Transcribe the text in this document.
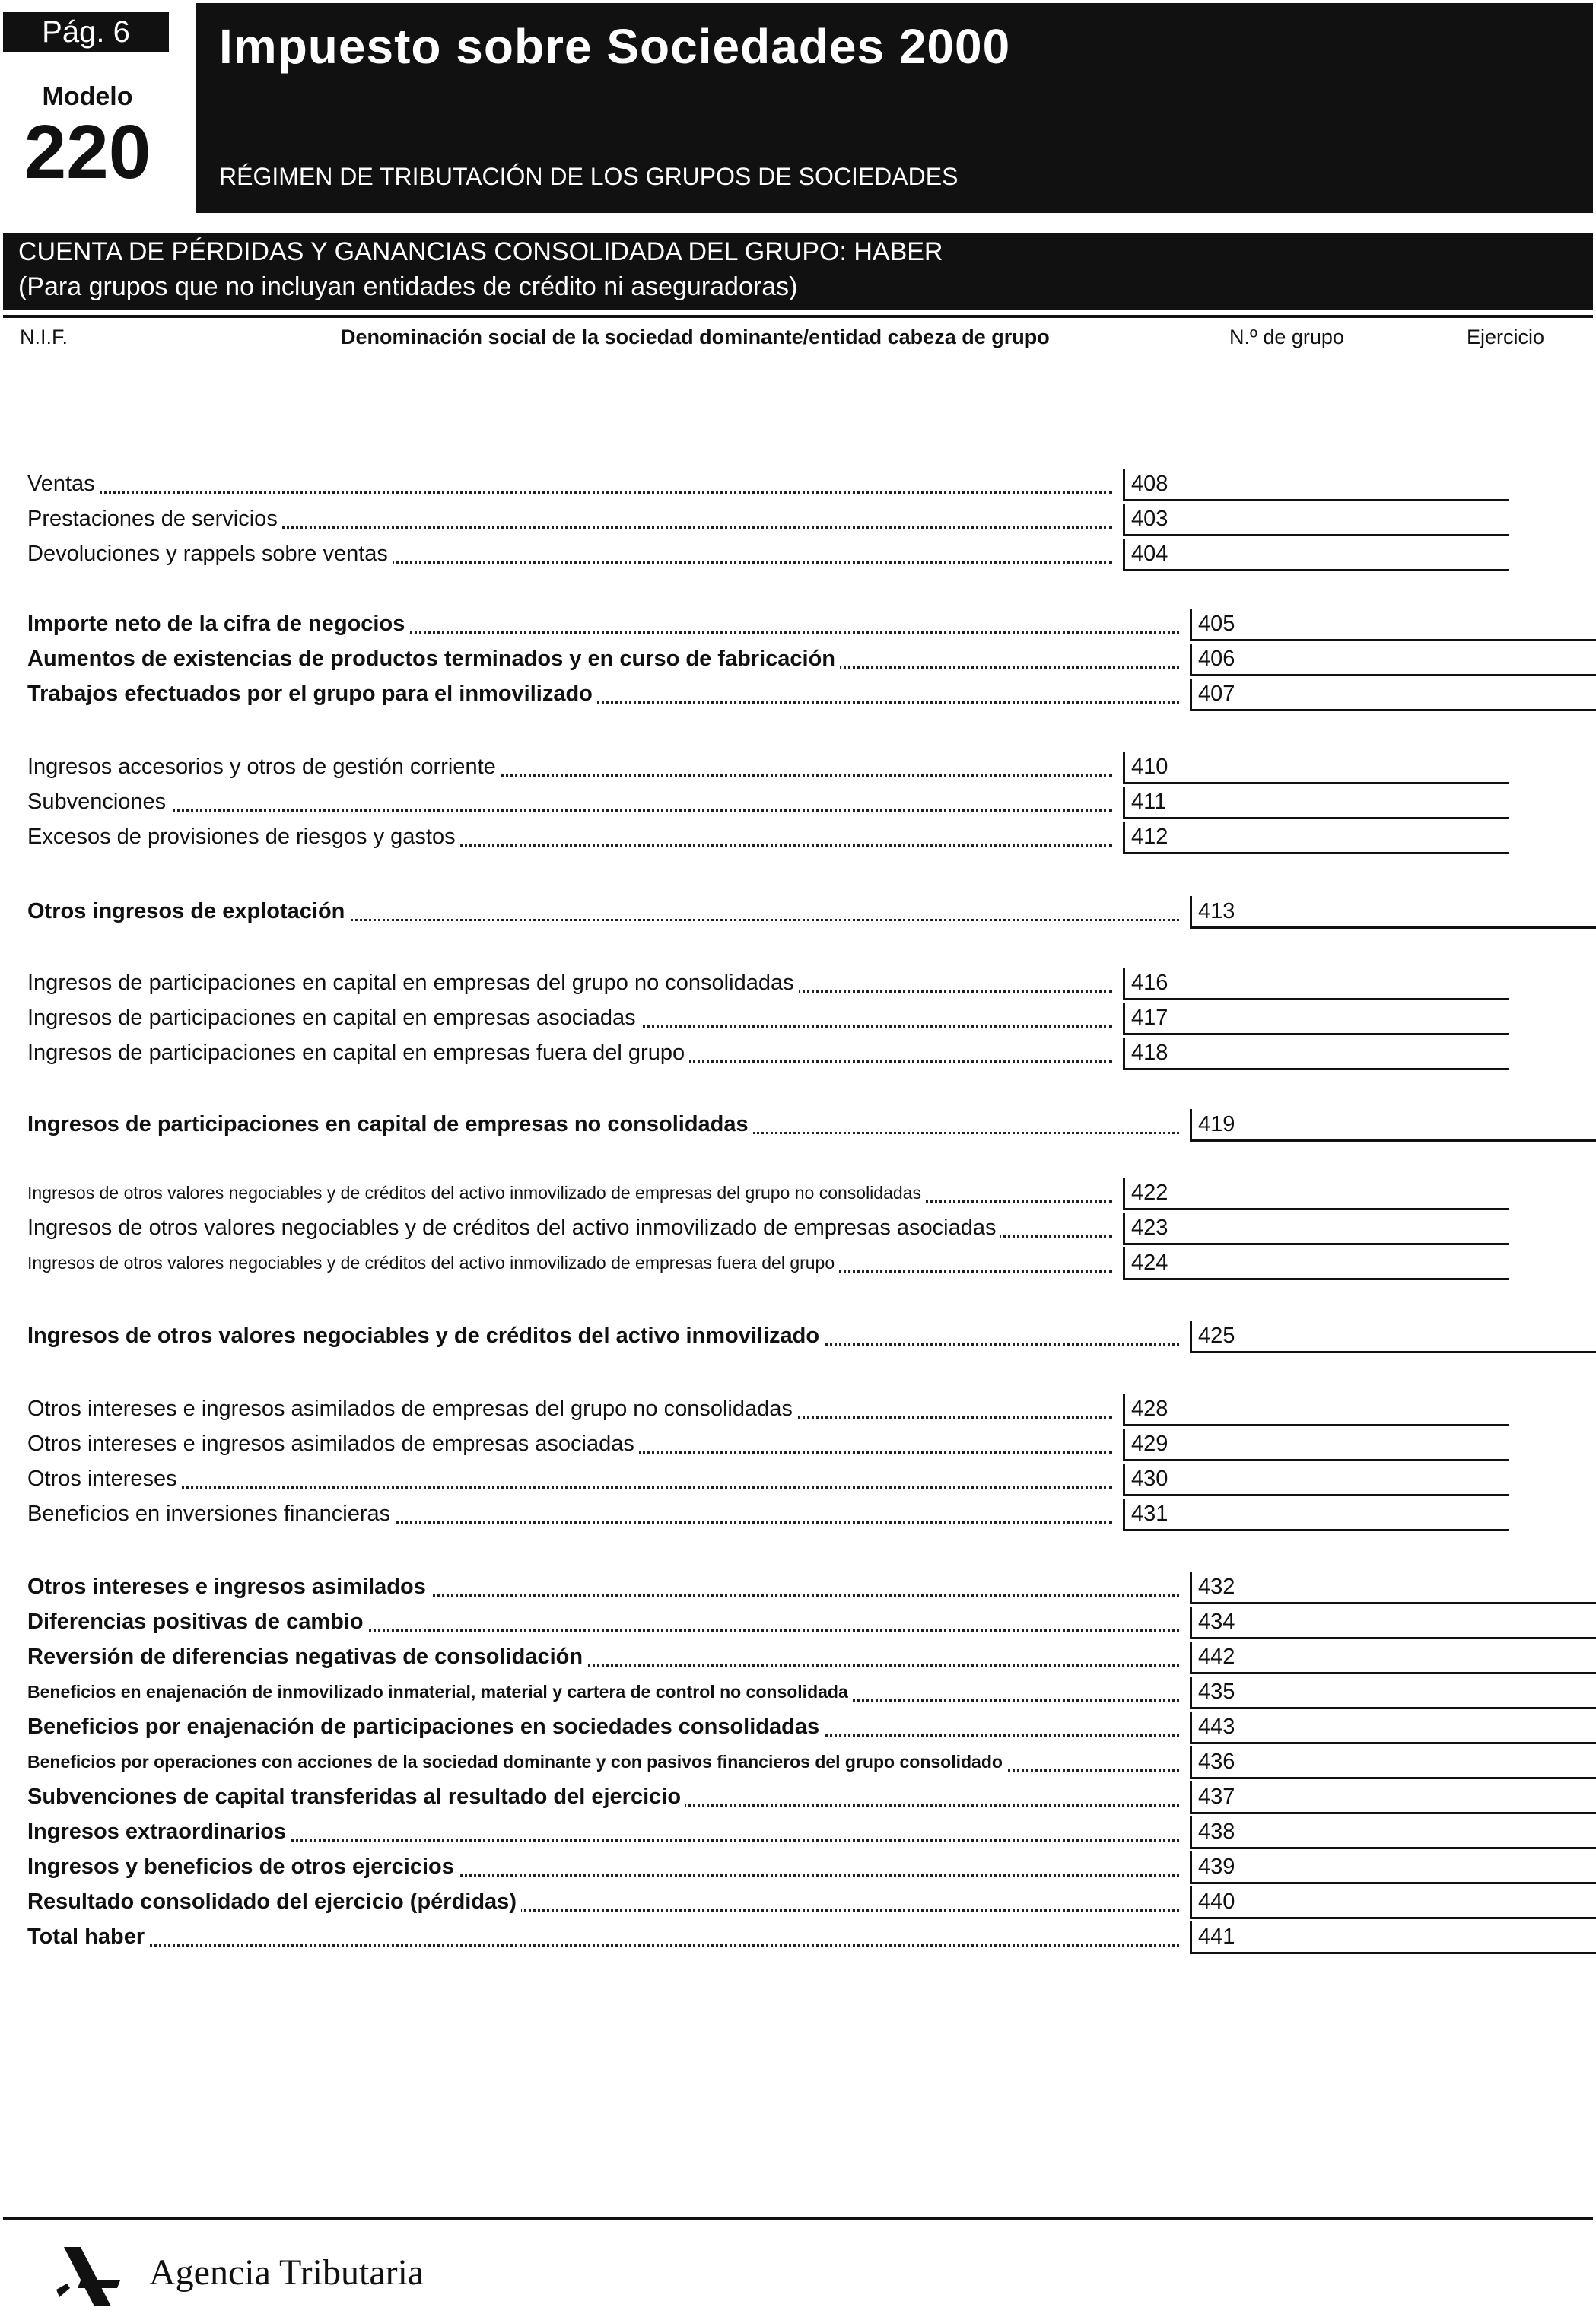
Pág. 6
Modelo
220
Impuesto sobre Sociedades 2000
RÉGIMEN DE TRIBUTACIÓN DE LOS GRUPOS DE SOCIEDADES
CUENTA DE PÉRDIDAS Y GANANCIAS CONSOLIDADA DEL GRUPO: HABER
(Para grupos que no incluyan entidades de crédito ni aseguradoras)
N.I.F.	Denominación social de la sociedad dominante/entidad cabeza de grupo	N.º de grupo	Ejercicio
Ventas	408
Prestaciones de servicios	403
Devoluciones y rappels sobre ventas	404
Importe neto de la cifra de negocios	405
Aumentos de existencias de productos terminados y en curso de fabricación	406
Trabajos efectuados por el grupo para el inmovilizado	407
Ingresos accesorios y otros de gestión corriente	410
Subvenciones	411
Excesos de provisiones de riesgos y gastos	412
Otros ingresos de explotación	413
Ingresos de participaciones en capital en empresas del grupo no consolidadas	416
Ingresos de participaciones en capital en empresas asociadas	417
Ingresos de participaciones en capital en empresas fuera del grupo	418
Ingresos de participaciones en capital de empresas no consolidadas	419
Ingresos de otros valores negociables y de créditos del activo inmovilizado de empresas del grupo no consolidadas	422
Ingresos de otros valores negociables y de créditos del activo inmovilizado de empresas asociadas	423
Ingresos de otros valores negociables y de créditos del activo inmovilizado de empresas fuera del grupo	424
Ingresos de otros valores negociables y de créditos del activo inmovilizado	425
Otros intereses e ingresos asimilados de empresas del grupo no consolidadas	428
Otros intereses e ingresos asimilados de empresas asociadas	429
Otros intereses	430
Beneficios en inversiones financieras	431
Otros intereses e ingresos asimilados	432
Diferencias positivas de cambio	434
Reversión de diferencias negativas de consolidación	442
Beneficios en enajenación de inmovilizado inmaterial, material y cartera de control no consolidada	435
Beneficios por enajenación de participaciones en sociedades consolidadas	443
Beneficios por operaciones con acciones de la sociedad dominante y con pasivos financieros del grupo consolidado	436
Subvenciones de capital transferidas al resultado del ejercicio	437
Ingresos extraordinarios	438
Ingresos y beneficios de otros ejercicios	439
Resultado consolidado del ejercicio (pérdidas)	440
Total haber	441
Agencia Tributaria
